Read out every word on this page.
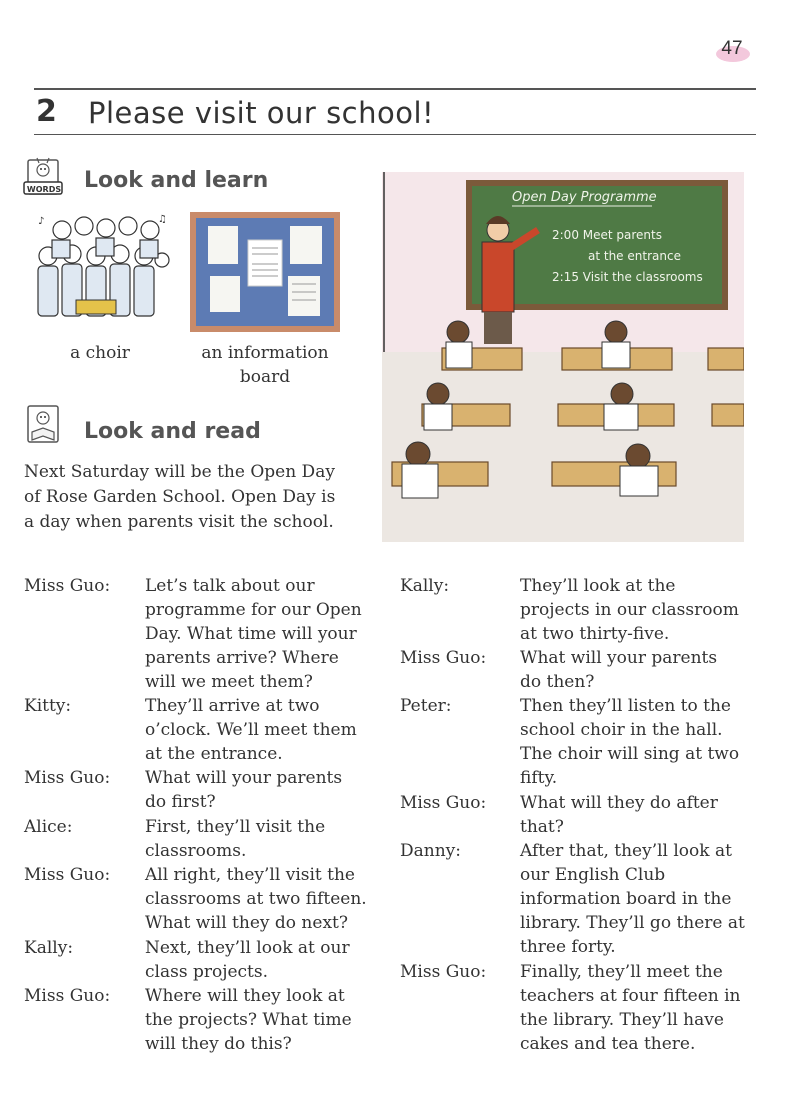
47
2 Please visit our school!
WORDS Look and learn
♪	♫
a choir	an information
board
Look and read
Next Saturday will be the Open Day
of Rose Garden School. Open Day is
a day when parents visit the school.
Open Day Programme
2:00 Meet parents
at the entrance
2:15 Visit the classrooms
Miss Guo:	Let’s talk about our
programme for our Open
Day. What time will your
parents arrive? Where
will we meet them?
Kitty:	They’ll arrive at two
o’clock. We’ll meet them
at the entrance.
Miss Guo:	What will your parents
do first?
Alice:	First, they’ll visit the
classrooms.
Miss Guo:	All right, they’ll visit the
classrooms at two fifteen.
What will they do next?
Kally:	Next, they’ll look at our
class projects.
Miss Guo:	Where will they look at
the projects? What time
will they do this?
Kally:	They’ll look at the
projects in our classroom
at two thirty-five.
Miss Guo:	What will your parents
do then?
Peter:	Then they’ll listen to the
school choir in the hall.
The choir will sing at two
fifty.
Miss Guo:	What will they do after
that?
Danny:	After that, they’ll look at
our English Club
information board in the
library. They’ll go there at
three forty.
Miss Guo:	Finally, they’ll meet the
teachers at four fifteen in
the library. They’ll have
cakes and tea there.
